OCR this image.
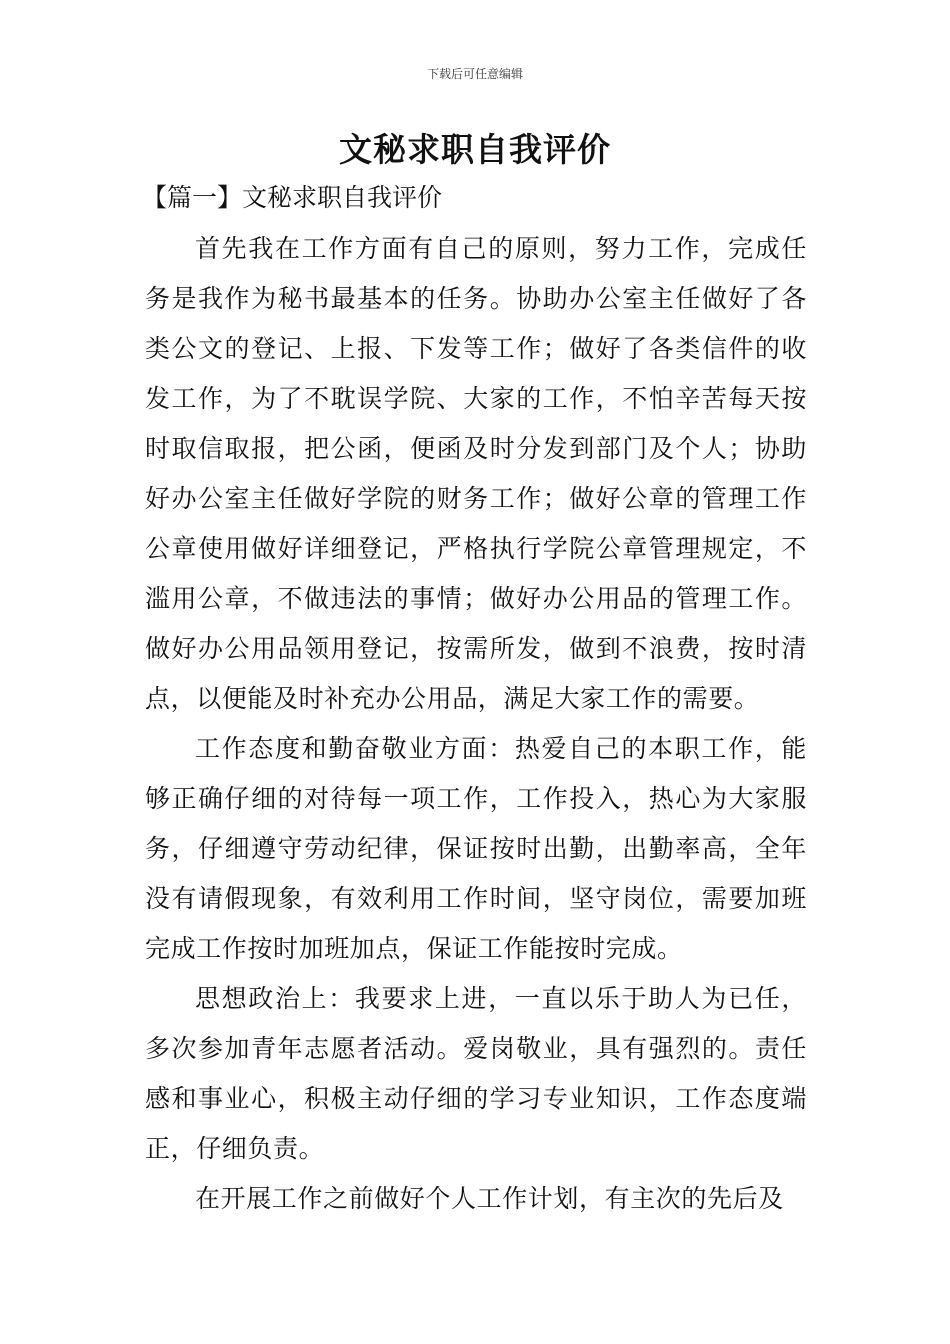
下载后可任意编辑
文秘求职自我评价
【篇一】文秘求职自我评价

首先我在工作方面有自己的原则，努力工作，完成任务是我作为秘书最基本的任务。协助办公室主任做好了各类公文的登记、上报、下发等工作；做好了各类信件的收发工作，为了不耽误学院、大家的工作，不怕辛苦每天按时取信取报，把公函，便函及时分发到部门及个人；协助好办公室主任做好学院的财务工作；做好公章的管理工作公章使用做好详细登记，严格执行学院公章管理规定，不滥用公章，不做违法的事情；做好办公用品的管理工作。做好办公用品领用登记，按需所发，做到不浪费，按时清点，以便能及时补充办公用品，满足大家工作的需要。

工作态度和勤奋敬业方面：热爱自己的本职工作，能够正确仔细的对待每一项工作，工作投入，热心为大家服务，仔细遵守劳动纪律，保证按时出勤，出勤率高，全年没有请假现象，有效利用工作时间，坚守岗位，需要加班完成工作按时加班加点，保证工作能按时完成。

思想政治上：我要求上进，一直以乐于助人为已任，多次参加青年志愿者活动。爱岗敬业，具有强烈的。责任感和事业心，积极主动仔细的学习专业知识，工作态度端正，仔细负责。

在开展工作之前做好个人工作计划，有主次的先后及
